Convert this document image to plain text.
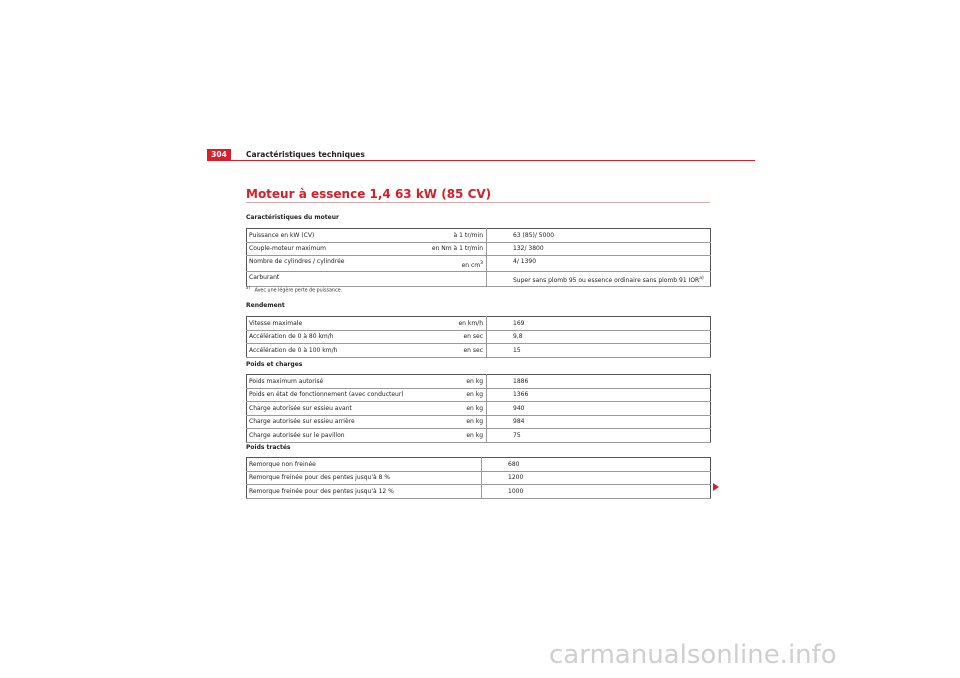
304	Caractéristiques techniques
Moteur à essence 1,4 63 kW (85 CV)
Caractéristiques du moteur
Puissance en kW (CV)	à 1 tr/min	63 (85)/ 5000
Couple-moteur maximum	en Nm à 1 tr/min	132/ 3800
Nombre de cylindres / cylindrée	en $cm^3$	4/ 1390
Carburant		Super sans plomb 95 ou essence ordinaire sans plomb 91 IOR$^{a)}$
$^{a)}$   Avec une légère perte de puissance.
Rendement
Vitesse maximale	en km/h	169
Accélération de 0 à 80 km/h	en sec	9,8
Accélération de 0 à 100 km/h	en sec	15
Poids et charges
Poids maximum autorisé	en kg	1886
Poids en état de fonctionnement (avec conducteur)	en kg	1366
Charge autorisée sur essieu avant	en kg	940
Charge autorisée sur essieu arrière	en kg	984
Charge autorisée sur le pavillon	en kg	75
Poids tractés
Remorque non freinée	680
Remorque freinée pour des pentes jusqu'à 8 %	1200
Remorque freinée pour des pentes jusqu'à 12 %	1000
carmanualsonline.info
